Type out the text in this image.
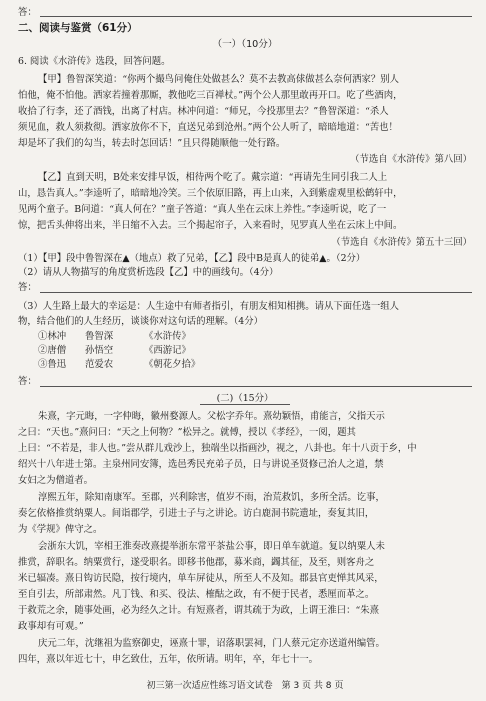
答：
二、阅读与鉴赏（61分）
（一）（10分）
6. 阅读《水浒传》选段，回答问题。
【甲】鲁智深笑道：“你两个撮鸟问俺住处做甚么？莫不去教高俅做甚么奈何洒家？别人
怕他，俺不怕他。洒家若撞着那厮，教他吃三百禅杖。”两个公人那里敢再开口。吃了些酒肉，
收拾了行李，还了酒钱，出离了村店。林冲问道：“师兄，今投那里去？”鲁智深道：“杀人
须见血，救人须救彻。洒家放你不下，直送兄弟到沧州。”两个公人听了，暗暗地道：“苦也！
却是坏了我们的勾当，转去时怎回话！”且只得随顺他一处行路。
（节选自《水浒传》第八回）
【乙】直到天明，B处来安排早饭，相待两个吃了。戴宗道：“再请先生同引我二人上
山，恳告真人。”李逵听了，暗暗地冷笑。三个依原旧路，再上山来，入到紫虚观里松鹤轩中，
见两个童子。B问道：“真人何在？”童子答道：“真人坐在云床上养性。”李逵听说，吃了一
惊，把舌头伸将出来，半日缩不入去。三个揭起帘子，入来看时，见罗真人坐在云床上中间。
（节选自《水浒传》第五十三回）
（1）【甲】段中鲁智深在▲（地点）救了兄弟，【乙】段中B是真人的徒弟▲。（2分）
（2）请从人物描写的角度赏析选段【乙】中的画线句。（4分）
答：
（3）人生路上最大的幸运是：人生途中有师者指引，有朋友相知相携。请从下面任选一组人
物，结合他们的人生经历，谈谈你对这句话的理解。（4分）
①林冲 鲁智深	《水浒传》
②唐僧 孙悟空	《西游记》
③鲁迅 范爱农	《朝花夕拾》
答：
(二)（15分）
朱熹，字元晦，一字仲晦，徽州婺源人。父松字乔年。熹幼颖悟，甫能言，父指天示
之曰：“天也。”熹问曰：“天之上何物？”松异之。就傅，授以《孝经》，一阅，题其
上曰：“不若是，非人也。”尝从群儿戏沙上，独端坐以指画沙，视之，八卦也。年十八贡于乡，中
绍兴十八年进士第。主泉州同安簿，选邑秀民充弟子员，日与讲说圣贤修己治人之道，禁
女妇之为僧道者。
淳熙五年，除知南康军。至郡，兴利除害，值岁不雨，治荒救饥，多所全活。讫事，
奏乞依格推赏纳粟人。间诣郡学，引进士子与之讲论。访白鹿洞书院遗址，奏复其旧，
为《学规》俾守之。
会浙东大饥，宰相王淮奏改熹提举浙东常平茶盐公事，即日单车就道。复以纳粟人未
推赏，辞职名。纳粟赏行，遂受职名。即移书他郡，募米商，蠲其征，及至，则客舟之
米已辐凑。熹日钩访民隐，按行境内，单车屏徒从，所至人不及知。郡县官吏惮其风采，
至自引去，所部肃然。凡丁钱、和买、役法、榷酤之政，有不便于民者，悉厘而革之。
于救荒之余，随事处画，必为经久之计。有短熹者，谓其疏于为政，上谓王淮曰：“朱熹
政事却有可观。”
庆元二年，沈继祖为监察御史，诬熹十罪，诏落职罢祠，门人蔡元定亦送道州编管。
四年，熹以年近七十，申乞致仕，五年，依所请。明年，卒，年七十一。
初三第一次适应性练习语文试卷　第 3 页 共 8 页
